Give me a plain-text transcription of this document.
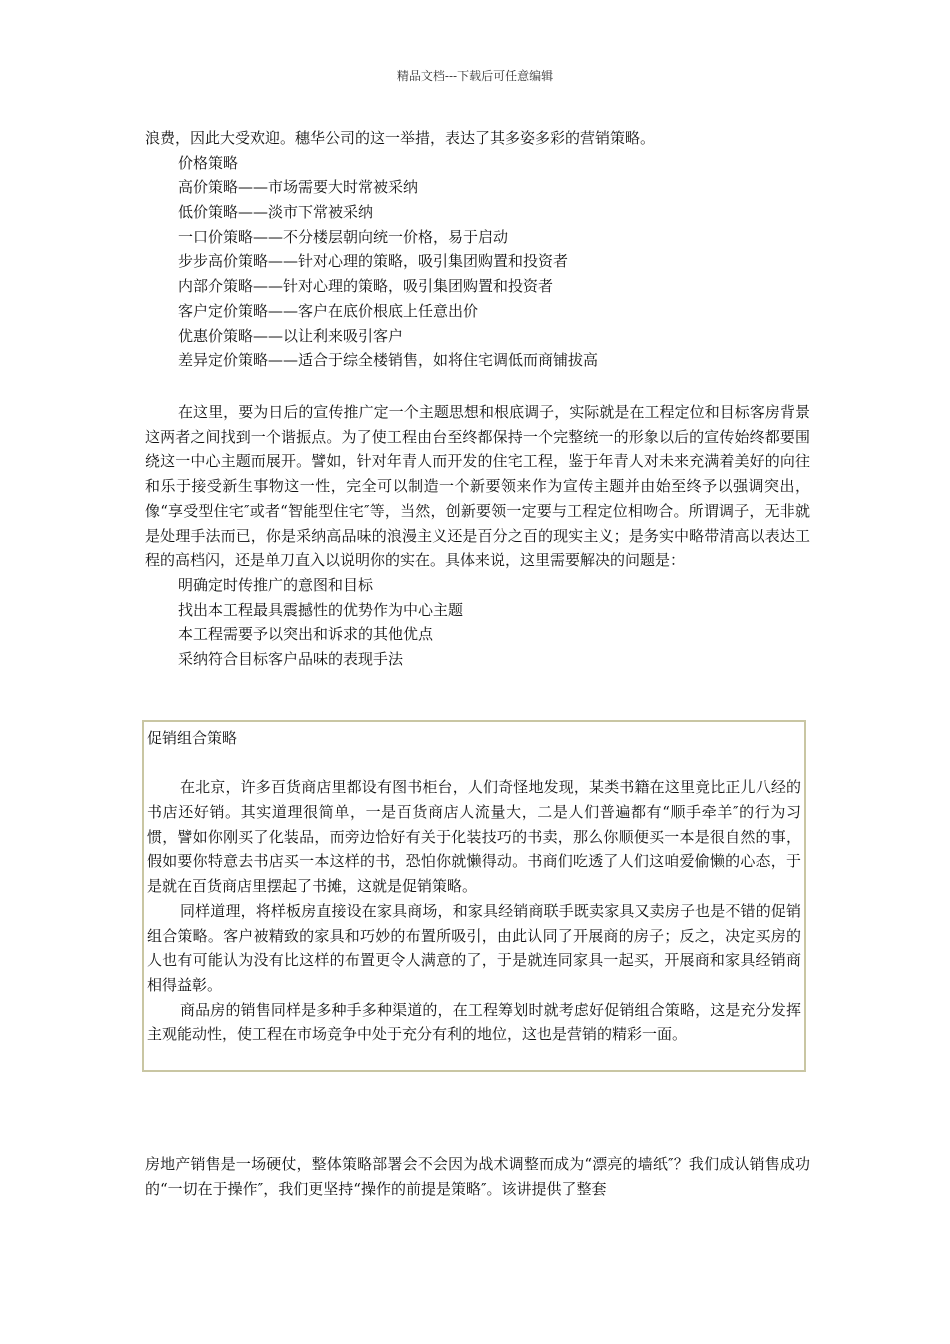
精品文档---下载后可任意编辑
浪费，因此大受欢迎。穗华公司的这一举措，表达了其多姿多彩的营销策略。
价格策略
高价策略——市场需要大时常被采纳
低价策略——淡市下常被采纳
一口价策略——不分楼层朝向统一价格，易于启动
步步高价策略——针对心理的策略，吸引集团购置和投资者
内部介策略——针对心理的策略，吸引集团购置和投资者
客户定价策略——客户在底价根底上任意出价
优惠价策略——以让利来吸引客户
差异定价策略——适合于综全楼销售，如将住宅调低而商铺拔高

在这里，要为日后的宣传推广定一个主题思想和根底调子，实际就是在工程定位和目标客房背景这两者之间找到一个谐振点。为了使工程由台至终都保持一个完整统一的形象以后的宣传始终都要围绕这一中心主题而展开。譬如，针对年青人而开发的住宅工程，鉴于年青人对未来充满着美好的向往和乐于接受新生事物这一性，完全可以制造一个新要领来作为宣传主题并由始至终予以强调突出，像“享受型住宅″或者“智能型住宅″等，当然，创新要领一定要与工程定位相吻合。所谓调子，无非就是处理手法而已，你是采纳高品味的浪漫主义还是百分之百的现实主义；是务实中略带清高以表达工程的高档闪，还是单刀直入以说明你的实在。具体来说，这里需要解决的问题是：

明确定时传推广的意图和目标
找出本工程最具震撼性的优势作为中心主题
本工程需要予以突出和诉求的其他优点
采纳符合目标客户品味的表现手法
促销组合策略

在北京，许多百货商店里都设有图书柜台，人们奇怪地发现，某类书籍在这里竟比正儿八经的书店还好销。其实道理很简单，一是百货商店人流量大，二是人们普遍都有“顺手牵羊″的行为习惯，譬如你刚买了化装品，而旁边恰好有关于化装技巧的书卖，那么你顺便买一本是很自然的事，假如要你特意去书店买一本这样的书，恐怕你就懒得动。书商们吃透了人们这咱爱偷懒的心态，于是就在百货商店里摆起了书摊，这就是促销策略。

同样道理，将样板房直接设在家具商场，和家具经销商联手既卖家具又卖房子也是不错的促销组合策略。客户被精致的家具和巧妙的布置所吸引，由此认同了开展商的房子；反之，决定买房的人也有可能认为没有比这样的布置更令人满意的了，于是就连同家具一起买，开展商和家具经销商相得益彰。

商品房的销售同样是多种手多种渠道的，在工程筹划时就考虑好促销组合策略，这是充分发挥主观能动性，使工程在市场竞争中处于充分有利的地位，这也是营销的精彩一面。

房地产销售是一场硬仗，整体策略部署会不会因为战术调整而成为“漂亮的墙纸″？我们成认销售成功的“一切在于操作″，我们更坚持“操作的前提是策略″。该讲提供了整套
